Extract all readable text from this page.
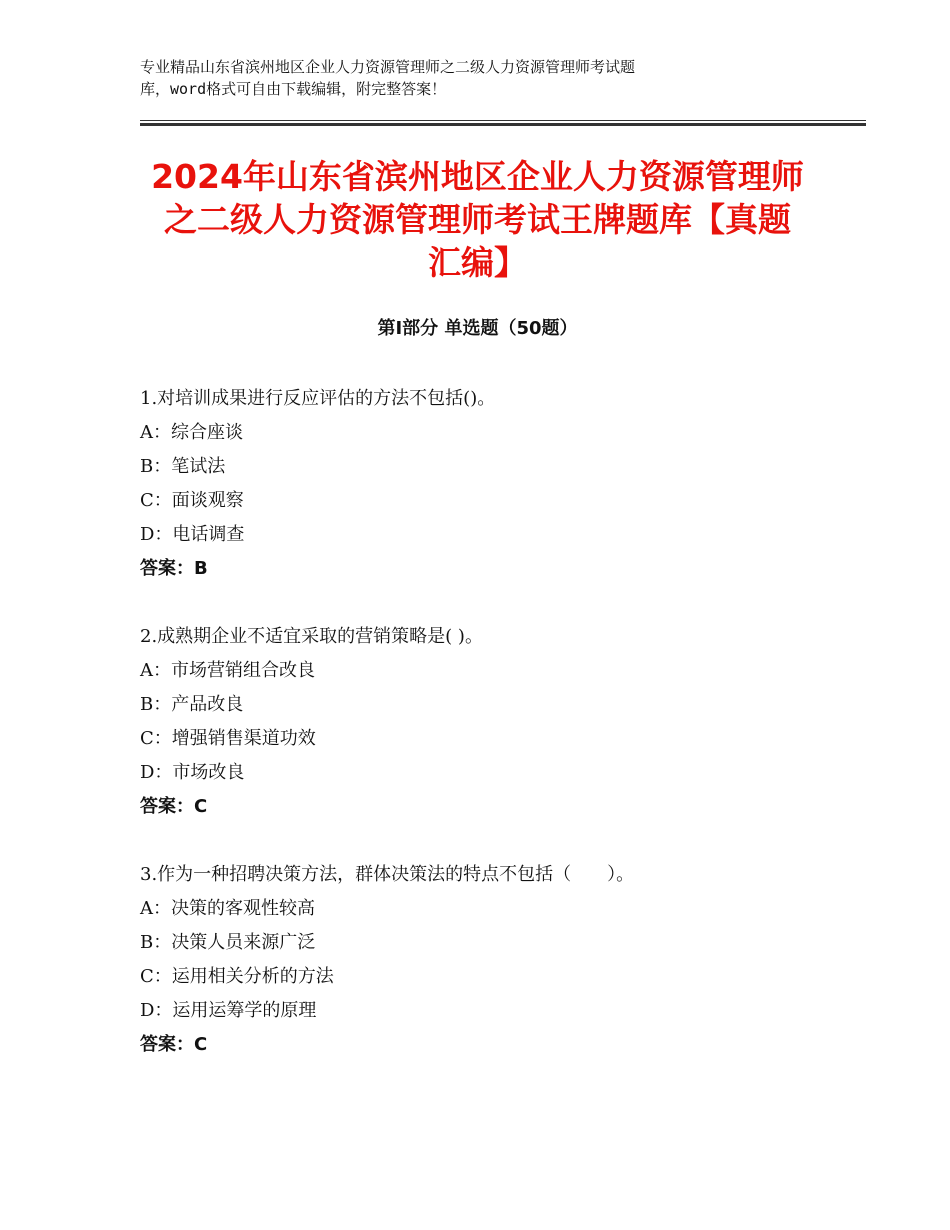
专业精品山东省滨州地区企业人力资源管理师之二级人力资源管理师考试题
库，word格式可自由下载编辑，附完整答案！
2024年山东省滨州地区企业人力资源管理师
之二级人力资源管理师考试王牌题库【真题
汇编】
第Ⅰ部分 单选题（50题）
1.对培训成果进行反应评估的方法不包括()。
A：综合座谈
B：笔试法
C：面谈观察
D：电话调查
答案：B
2.成熟期企业不适宜采取的营销策略是( )。
A：市场营销组合改良
B：产品改良
C：增强销售渠道功效
D：市场改良
答案：C
3.作为一种招聘决策方法，群体决策法的特点不包括（　　）。
A：决策的客观性较高
B：决策人员来源广泛
C：运用相关分析的方法
D：运用运筹学的原理
答案：C
